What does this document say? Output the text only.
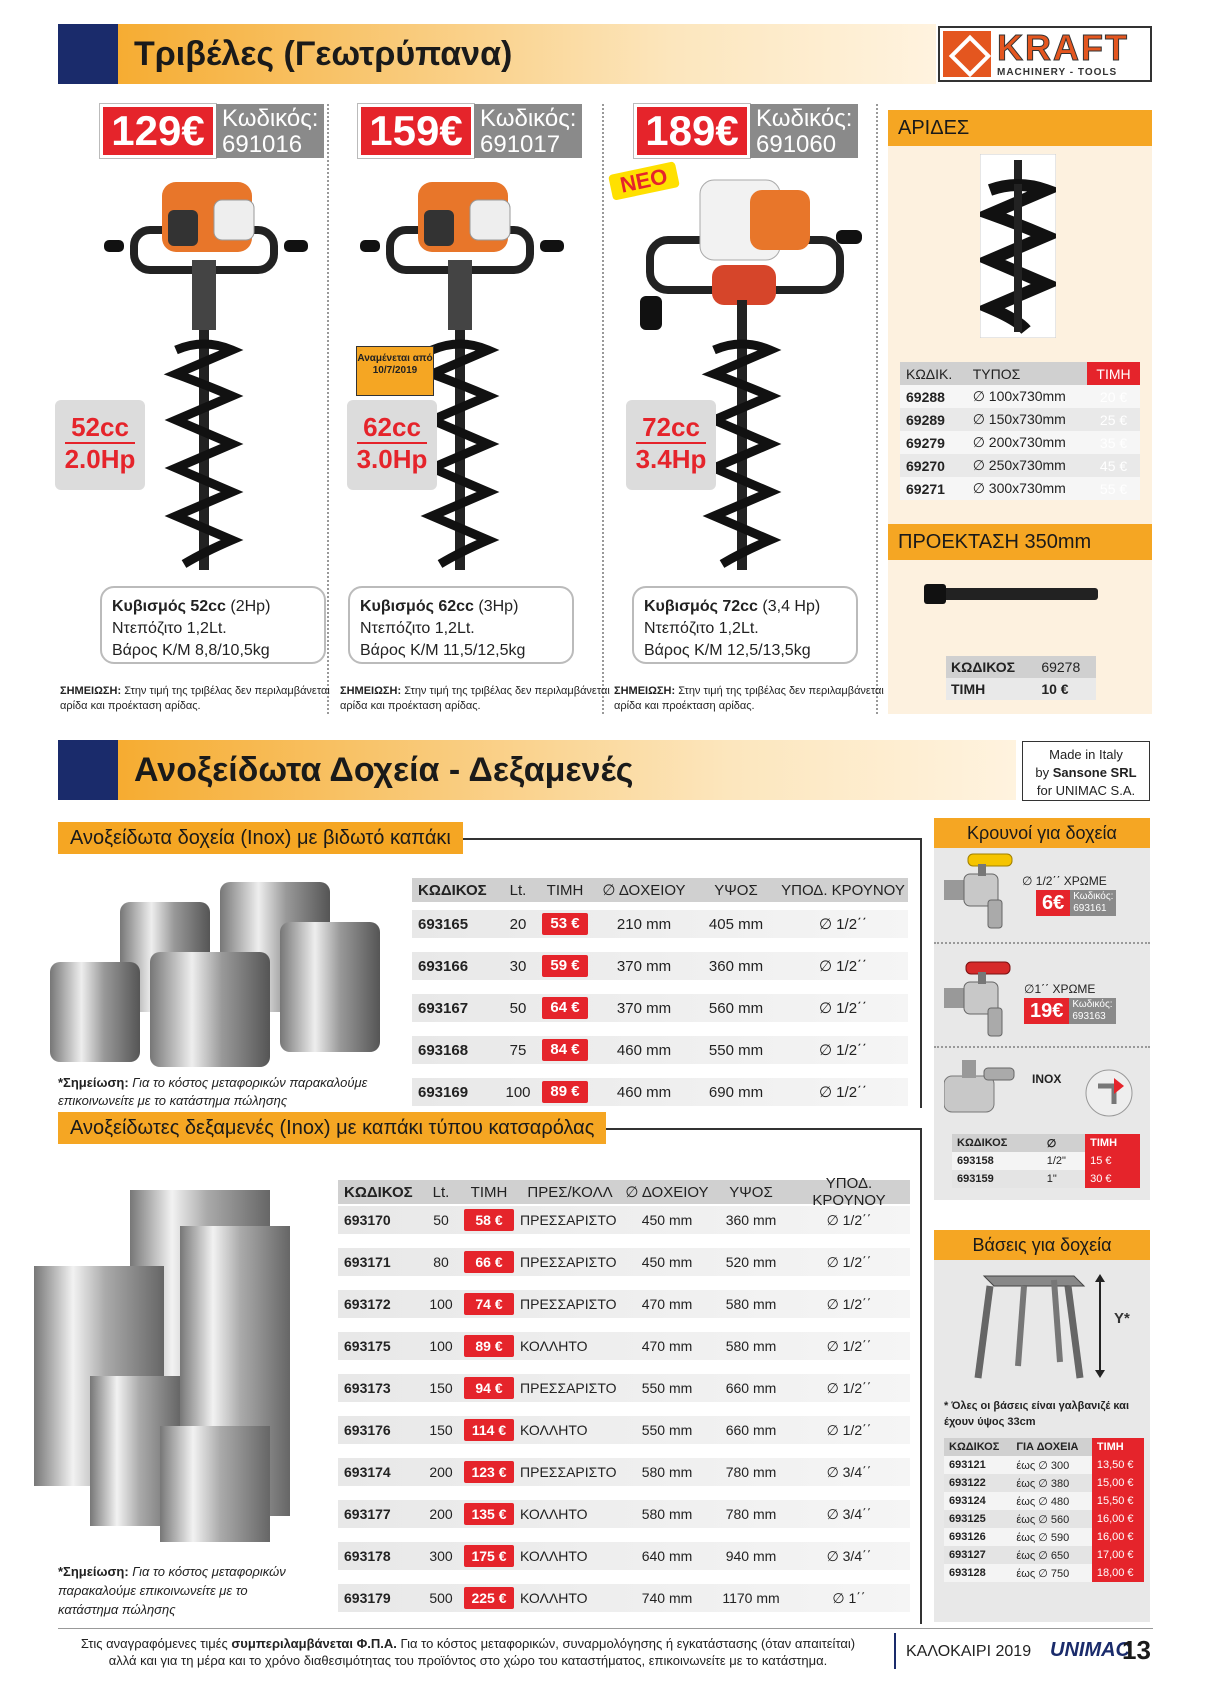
Τριβέλες (Γεωτρύπανα)	KRAFT
MACHINERY - TOOLS
129€ Κωδικός:
691016
52cc
2.0Hp
Κυβισμός 52cc (2Hp)
Ντεπόζιτο 1,2Lt.
Βάρος Κ/Μ 8,8/10,5kg
ΣΗΜΕΙΩΣΗ: Στην τιμή της τριβέλας δεν περιλαμβάνεται αρίδα και προέκταση αρίδας.
159€ Κωδικός:
691017
Αναμένεται από 10/7/2019
62cc
3.0Hp
Κυβισμός 62cc (3Hp)
Ντεπόζιτο 1,2Lt.
Βάρος Κ/Μ 11,5/12,5kg
ΣΗΜΕΙΩΣΗ: Στην τιμή της τριβέλας δεν περιλαμβάνεται αρίδα και προέκταση αρίδας.
189€ Κωδικός:
691060
ΝΕΟ
72cc
3.4Hp
Κυβισμός 72cc (3,4 Hp)
Ντεπόζιτο 1,2Lt.
Βάρος Κ/Μ 12,5/13,5kg
ΣΗΜΕΙΩΣΗ: Στην τιμή της τριβέλας δεν περιλαμβάνεται αρίδα και προέκταση αρίδας.
ΑΡΙΔΕΣ
ΚΩΔΙΚ.	ΤΥΠΟΣ	ΤΙΜΗ
69288	∅ 100x730mm	20 €
69289	∅ 150x730mm	25 €
69279	∅ 200x730mm	35 €
69270	∅ 250x730mm	45 €
69271	∅ 300x730mm	55 €
ΠΡΟΕΚΤΑΣΗ 350mm
ΚΩΔΙΚΟΣ	69278
ΤΙΜΗ	10 €
Ανοξείδωτα Δοχεία - Δεξαμενές	Made in Italy
by Sansone SRL
for UNIMAC S.A.
Ανοξείδωτα δοχεία (Inox) με βιδωτό καπάκι
*Σημείωση: Για το κόστος μεταφορικών παρακαλούμε επικοινωνείτε με το κατάστημα πώλησης
ΚΩΔΙΚΟΣ	Lt.	ΤΙΜΗ	∅ ΔΟΧΕΙΟΥ	ΥΨΟΣ	ΥΠΟΔ. ΚΡΟΥΝΟΥ
693165	20	53 €	210 mm	405 mm	∅ 1/2΄΄
693166	30	59 €	370 mm	360 mm	∅ 1/2΄΄
693167	50	64 €	370 mm	560 mm	∅ 1/2΄΄
693168	75	84 €	460 mm	550 mm	∅ 1/2΄΄
693169	100	89 €	460 mm	690 mm	∅ 1/2΄΄
Ανοξείδωτες δεξαμενές (Inox) με καπάκι τύπου κατσαρόλας
*Σημείωση: Για το κόστος μεταφορικών παρακαλούμε επικοινωνείτε με το κατάστημα πώλησης
ΚΩΔΙΚΟΣ	Lt.	ΤΙΜΗ	ΠΡΕΣ/ΚΟΛΛ ∅ ΔΟΧΕΙΟΥ	ΥΨΟΣ	ΥΠΟΔ. ΚΡΟΥΝΟΥ
693170	50	58 €	ΠΡΕΣΣΑΡΙΣΤΟ	450 mm	360 mm	∅ 1/2΄΄
693171	80	66 €	ΠΡΕΣΣΑΡΙΣΤΟ	450 mm	520 mm	∅ 1/2΄΄
693172	100	74 €	ΠΡΕΣΣΑΡΙΣΤΟ	470 mm	580 mm	∅ 1/2΄΄
693175	100	89 €	ΚΟΛΛΗΤΟ	470 mm	580 mm	∅ 1/2΄΄
693173	150	94 €	ΠΡΕΣΣΑΡΙΣΤΟ	550 mm	660 mm	∅ 1/2΄΄
693176	150	114 € ΚΟΛΛΗΤΟ	550 mm	660 mm	∅ 1/2΄΄
693174	200	123 € ΠΡΕΣΣΑΡΙΣΤΟ	580 mm	780 mm	∅ 3/4΄΄
693177	200	135 € ΚΟΛΛΗΤΟ	580 mm	780 mm	∅ 3/4΄΄
693178	300	175 € ΚΟΛΛΗΤΟ	640 mm	940 mm	∅ 3/4΄΄
693179	500	225 € ΚΟΛΛΗΤΟ	740 mm	1170 mm	∅ 1΄΄
Κρουνοί για δοχεία
∅ 1/2΄΄ ΧΡΩΜΕ
6€ Κωδικός:
693161
∅1΄΄ ΧΡΩΜΕ
19€ Κωδικός:
693163
INOX
ΚΩΔΙΚΟΣ	∅	ΤΙΜΗ
693158	1/2"	15 €
693159	1"	30 €
Βάσεις για δοχεία
Y*
* Όλες οι βάσεις είναι γαλβανιζέ και έχουν ύψος 33cm
ΚΩΔΙΚΟΣ	ΓΙΑ ΔΟΧΕΙΑ	ΤΙΜΗ
693121	έως ∅ 300	13,50 €
693122	έως ∅ 380	15,00 €
693124	έως ∅ 480	15,50 €
693125	έως ∅ 560	16,00 €
693126	έως ∅ 590	16,00 €
693127	έως ∅ 650	17,00 €
693128	έως ∅ 750	18,00 €
Στις αναγραφόμενες τιμές συμπεριλαμβάνεται Φ.Π.Α. Για το κόστος μεταφορικών, συναρμολόγησης ή εγκατάστασης (όταν απαιτείται)
αλλά και για τη μέρα και το χρόνο διαθεσιμότητας του προϊόντος στο χώρο του καταστήματος, επικοινωνείτε με το κατάστημα.
ΚΑΛΟΚΑΙΡΙ 2019 UNIMAC
13
